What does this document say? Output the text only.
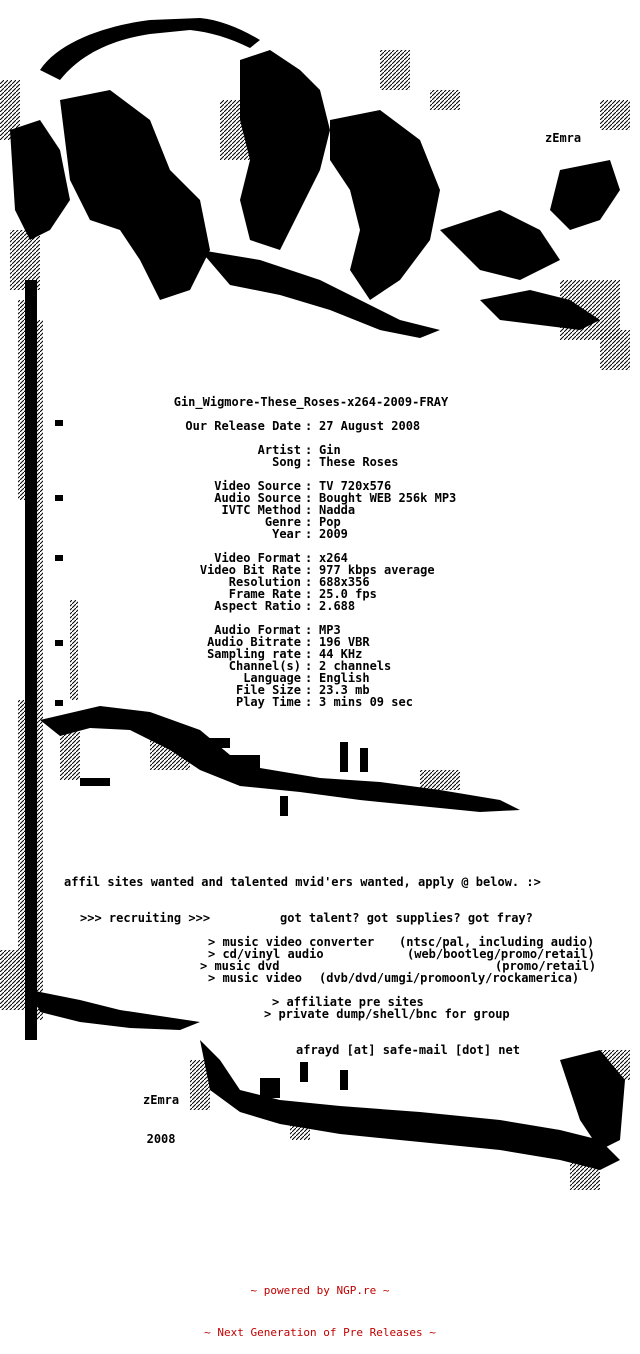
zEmra
Gin_Wigmore-These_Roses-x264-2009-FRAY
Our Release Date : 27 August 2008
Artist : Gin
Song : These Roses
Video Source : TV 720x576
Audio Source : Bought WEB 256k MP3
IVTC Method : Nadda
Genre : Pop
Year : 2009
Video Format : x264
Video Bit Rate : 977 kbps average
Resolution : 688x356
Frame Rate : 25.0 fps
Aspect Ratio : 2.688
Audio Format : MP3
Audio Bitrate : 196 VBR
Sampling rate : 44 KHz
Channel(s) : 2 channels
Language : English
File Size : 23.3 mb
Play Time : 3 mins 09 sec
affil sites wanted and talented mvid'ers wanted, apply @ below. :>
>>> recruiting >>>	got talent? got supplies? got fray?
> music video converter (ntsc/pal, including audio)
> cd/vinyl audio	(web/bootleg/promo/retail)
> music dvd	(promo/retail)
> music video (dvb/dvd/umgi/promoonly/rockamerica)
> affiliate pre sites
> private dump/shell/bnc for group
afrayd [at] safe-mail [dot] net

zEmra

2008

~ powered by NGP.re ~

~ Next Generation of Pre Releases ~
